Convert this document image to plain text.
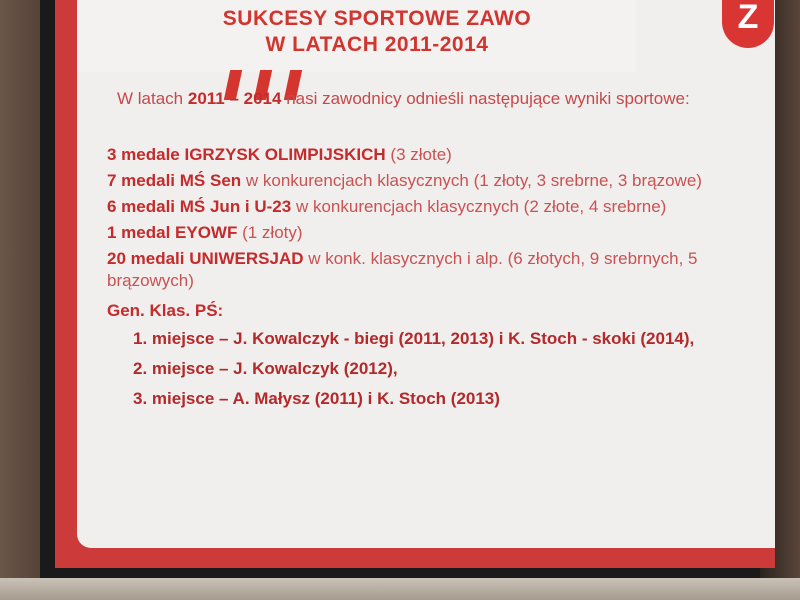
SUKCESY SPORTOWE ZAWO
W LATACH 2011-2014
Z
W latach 2011 – 2014 nasi zawodnicy odnieśli następujące wyniki sportowe:
3 medale IGRZYSK OLIMPIJSKICH (3 złote)
7 medali MŚ Sen w konkurencjach klasycznych (1 złoty, 3 srebrne, 3 brązowe)
6 medali MŚ Jun i U-23 w konkurencjach klasycznych (2 złote, 4 srebrne)
1 medal EYOWF (1 złoty)
20 medali UNIWERSJAD w konk. klasycznych i alp. (6 złotych, 9 srebrnych, 5 brązowych)
Gen. Klas. PŚ:
1. miejsce – J. Kowalczyk - biegi (2011, 2013) i K. Stoch - skoki (2014),
2. miejsce – J. Kowalczyk (2012),
3. miejsce – A. Małysz (2011) i K. Stoch (2013)
